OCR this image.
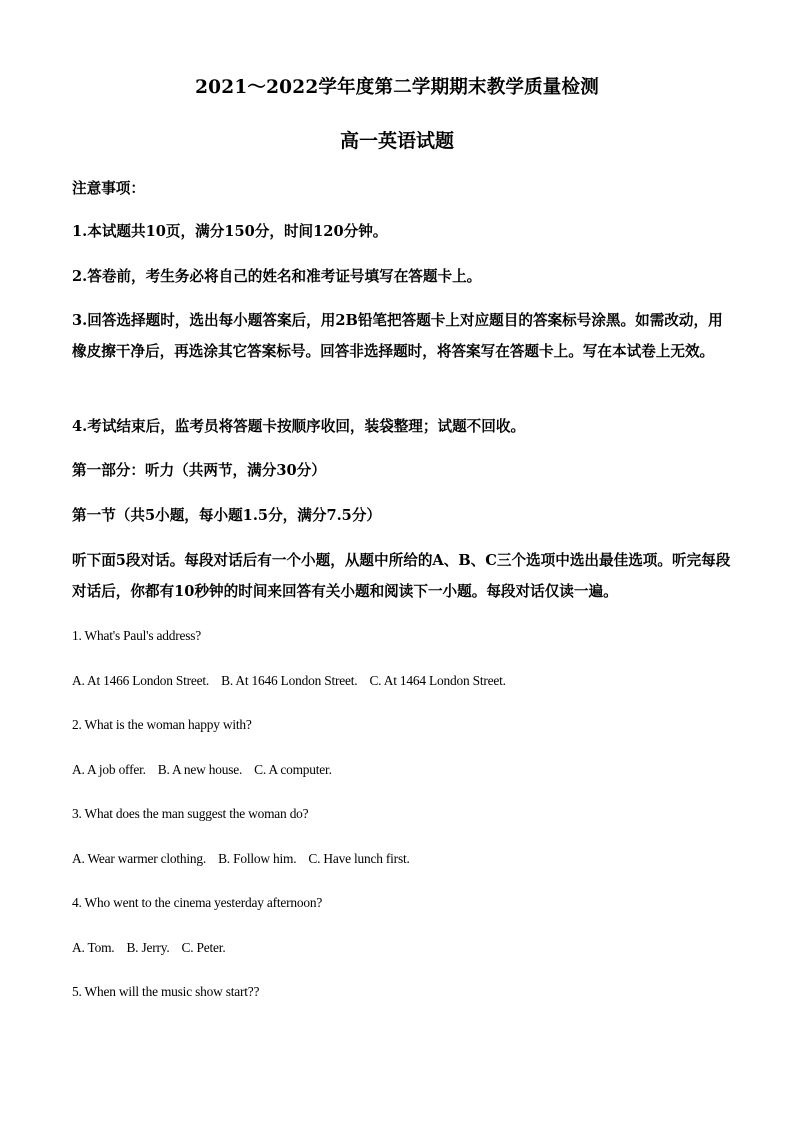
2021～2022学年度第二学期期末教学质量检测
高一英语试题
注意事项：
1.本试题共10页，满分150分，时间120分钟。
2.答卷前，考生务必将自己的姓名和准考证号填写在答题卡上。
3.回答选择题时，选出每小题答案后，用2B铅笔把答题卡上对应题目的答案标号涂黑。如需改动，用橡皮擦干净后，再选涂其它答案标号。回答非选择题时，将答案写在答题卡上。写在本试卷上无效。
4.考试结束后，监考员将答题卡按顺序收回，装袋整理；试题不回收。
第一部分：听力（共两节，满分30分）
第一节（共5小题，每小题1.5分，满分7.5分）
听下面5段对话。每段对话后有一个小题，从题中所给的A、B、C三个选项中选出最佳选项。听完每段对话后，你都有10秒钟的时间来回答有关小题和阅读下一小题。每段对话仅读一遍。
1. What's Paul's address?
A. At 1466 London Street. B. At 1646 London Street. C. At 1464 London Street.
2. What is the woman happy with?
A. A job offer. B. A new house. C. A computer.
3. What does the man suggest the woman do?
A. Wear warmer clothing. B. Follow him. C. Have lunch first.
4. Who went to the cinema yesterday afternoon?
A. Tom. B. Jerry. C. Peter.
5. When will the music show start??
